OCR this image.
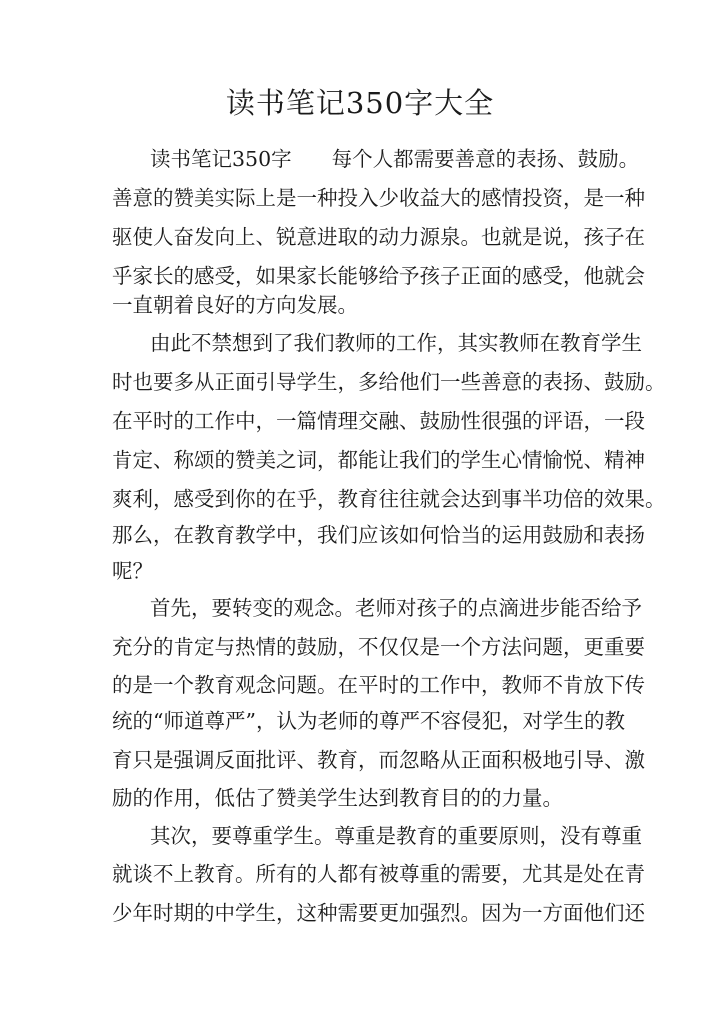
读书笔记350字大全

读书笔记350字 每个人都需要善意的表扬、鼓励。

善意的赞美实际上是一种投入少收益大的感情投资，是一种

驱使人奋发向上、锐意进取的动力源泉。也就是说，孩子在

乎家长的感受，如果家长能够给予孩子正面的感受，他就会

一直朝着良好的方向发展。

由此不禁想到了我们教师的工作，其实教师在教育学生

时也要多从正面引导学生，多给他们一些善意的表扬、鼓励。

在平时的工作中，一篇情理交融、鼓励性很强的评语，一段

肯定、称颂的赞美之词，都能让我们的学生心情愉悦、精神

爽利，感受到你的在乎，教育往往就会达到事半功倍的效果。

那么，在教育教学中，我们应该如何恰当的运用鼓励和表扬

呢？

首先，要转变的观念。老师对孩子的点滴进步能否给予

充分的肯定与热情的鼓励，不仅仅是一个方法问题，更重要

的是一个教育观念问题。在平时的工作中，教师不肯放下传

统的“师道尊严”，认为老师的尊严不容侵犯，对学生的教

育只是强调反面批评、教育，而忽略从正面积极地引导、激

励的作用，低估了赞美学生达到教育目的的力量。

其次，要尊重学生。尊重是教育的重要原则，没有尊重

就谈不上教育。所有的人都有被尊重的需要，尤其是处在青

少年时期的中学生，这种需要更加强烈。因为一方面他们还
